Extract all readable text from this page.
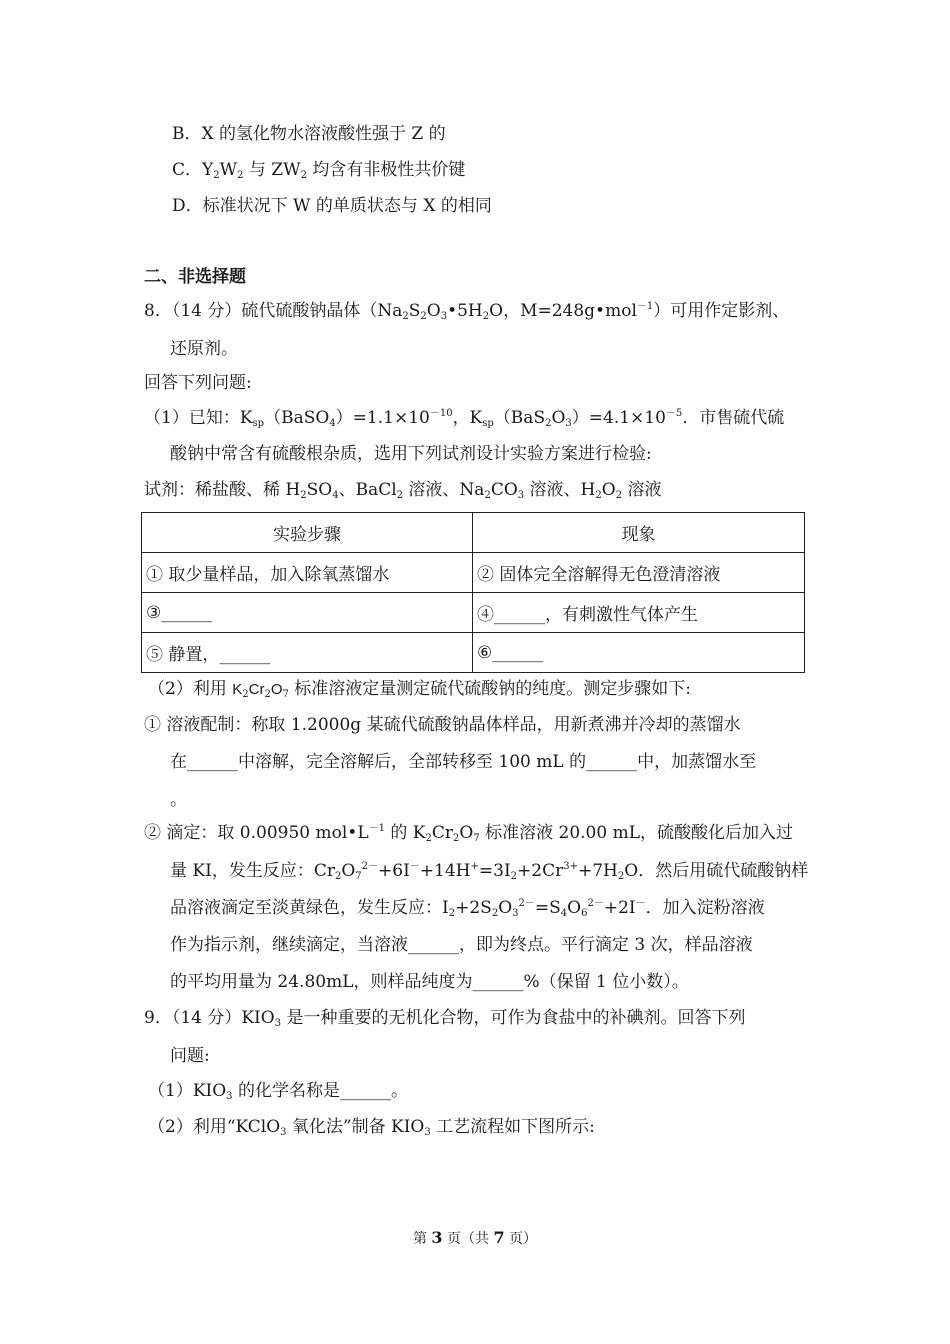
B．X 的氢化物水溶液酸性强于 Z 的
C．$Y_2W_2$ 与 $ZW_2$ 均含有非极性共价键
D．标准状况下 W 的单质状态与 X 的相同
二、非选择题
8．（14 分）硫代硫酸钠晶体（$Na_2S_2O_3•5H_2O$，M=248g•mol$^{-1}$）可用作定影剂、
还原剂。
回答下列问题:
（1）已知：$K_{sp}(BaSO_4)=1.1\times 10^{-10}$，$K_{sp}(BaS_2O_3)=4.1\times 10^{-5}$．市售硫代硫
酸钠中常含有硫酸根杂质，选用下列试剂设计实验方案进行检验:
试剂：稀盐酸、稀 $H_2SO_4$、BaCl$_2$ 溶液、$Na_2CO_3$ 溶液、$H_2O_2$ 溶液
实验步骤	现象
① 取少量样品，加入除氧蒸馏水	② 固体完全溶解得无色澄清溶液
③______	④______，有刺激性气体产生
⑤ 静置，______	⑥______
（2）利用 $K_2Cr_2O_7$ 标准溶液定量测定硫代硫酸钠的纯度。测定步骤如下:
① 溶液配制：称取 1.2000g 某硫代硫酸钠晶体样品，用新煮沸并冷却的蒸馏水
在______中溶解，完全溶解后，全部转移至 100 mL 的______中，加蒸馏水至
。
② 滴定：取 0.00950 $mol•L^{-1}$ 的 $K_2Cr_2O_7$ 标准溶液 20.00 mL，硫酸酸化后加入过
量 KI，发生反应：$Cr_2O_7^{2-}+6I^-+14H^+=3I_2+2Cr^{3+}+7H_2O$．然后用硫代硫酸钠样
品溶液滴定至淡黄绿色，发生反应：$I_2+2S_2O_3^{2-}=S_4O_6^{2-}+2I^-$．加入淀粉溶液
作为指示剂，继续滴定，当溶液______，即为终点。平行滴定 3 次，样品溶液
的平均用量为 24.80mL，则样品纯度为______%（保留 1 位小数）。
9．（14 分）$KIO_3$ 是一种重要的无机化合物，可作为食盐中的补碘剂。回答下列
问题:
$(1)KIO_3$ 的化学名称是______。
（2）利用“KClO$_3$ 氧化法”制备 $KIO_3$ 工艺流程如下图所示:
第 3 页（共 7 页）
